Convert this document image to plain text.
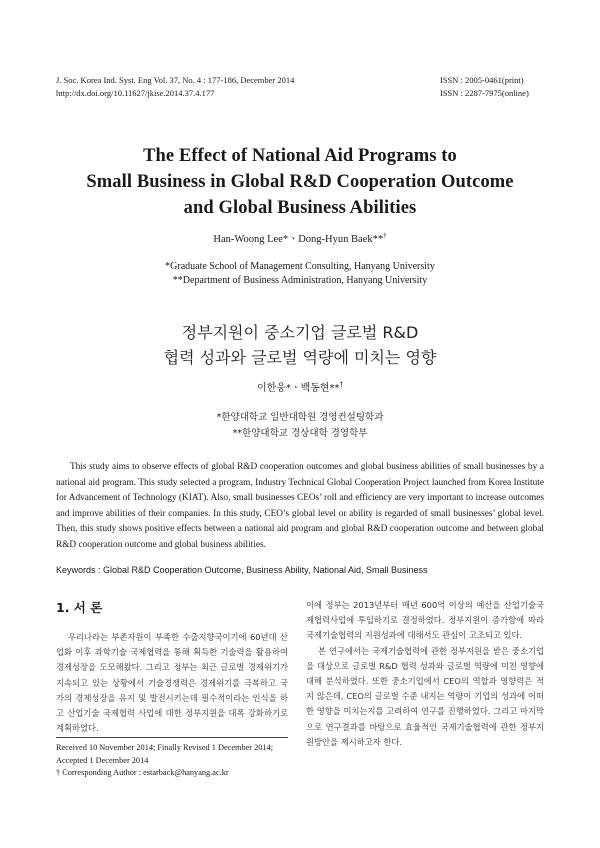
J. Soc. Korea Ind. Syst. Eng Vol. 37, No. 4 : 177-186, December 2014
http://dx.doi.org/10.11627/jkise.2014.37.4.177
ISSN : 2005-0461(print)
ISSN : 2287-7975(online)
The Effect of National Aid Programs to
Small Business in Global R&D Cooperation Outcome
and Global Business Abilities
Han-Woong Lee*ㆍDong-Hyun Baek**†
*Graduate School of Management Consulting, Hanyang University
**Department of Business Administration, Hanyang University
정부지원이 중소기업 글로벌 R&D
협력 성과와 글로벌 역량에 미치는 영향
이한웅*ㆍ백동현**†
*한양대학교 일반대학원 경영컨설팅학과
**한양대학교 경상대학 경영학부
This study aims to observe effects of global R&D cooperation outcomes and global business abilities of small businesses by a national aid program. This study selected a program, Industry Technical Global Cooperation Project launched from Korea Institute for Advancement of Technology (KIAT). Also, small businesses CEOs’ roll and efficiency are very important to increase outcomes and improve abilities of their companies. In this study, CEO’s global level or ability is regarded of small businesses’ global level. Then, this study shows positive effects between a national aid program and global R&D cooperation outcome and between global R&D cooperation outcome and global business abilities.
Keywords : Global R&D Cooperation Outcome, Business Ability, National Aid, Small Business
1. 서 론
우리나라는 부존자원이 부족한 수출지향국이기에 60년대 산업화 이후 과학기술 국제협력을 통해 획득한 기술력을 활용하여 경제성장을 도모해왔다. 그리고 정부는 최근 글로벌 경제위기가 지속되고 있는 상황에서 기술경쟁력은 경제위기를 극복하고 국가의 경제성장을 유지 및 발전시키는데 필수적이라는 인식을 하고 산업기술 국제협력 사업에 대한 정부지원을 대폭 강화하기로 계획하였다.

이에 정부는 2013년부터 매년 600억 이상의 예산을 산업기술국제협력사업에 투입하기로 결정하였다. 정부지원이 증가함에 따라 국제기술협력의 지원성과에 대해서도 관심이 고조되고 있다.

본 연구에서는 국제기술협력에 관한 정부지원을 받은 중소기업을 대상으로 글로벌 R&D 협력 성과와 글로벌 역량에 미친 영향에 대해 분석하였다. 또한 중소기업에서 CEO의 역할과 영향력은 적지 않은데, CEO의 글로벌 수준 내지는 역량이 기업의 성과에 어떠한 영향을 미치는지를 고려하여 연구를 진행하였다. 그리고 마지막으로 연구결과를 바탕으로 효율적인 국제기술협력에 관한 정부지원방안을 제시하고자 한다.

Received 10 November 2014; Finally Revised 1 December 2014; Accepted 1 December 2014
† Corresponding Author : estarback@hanyang.ac.kr
